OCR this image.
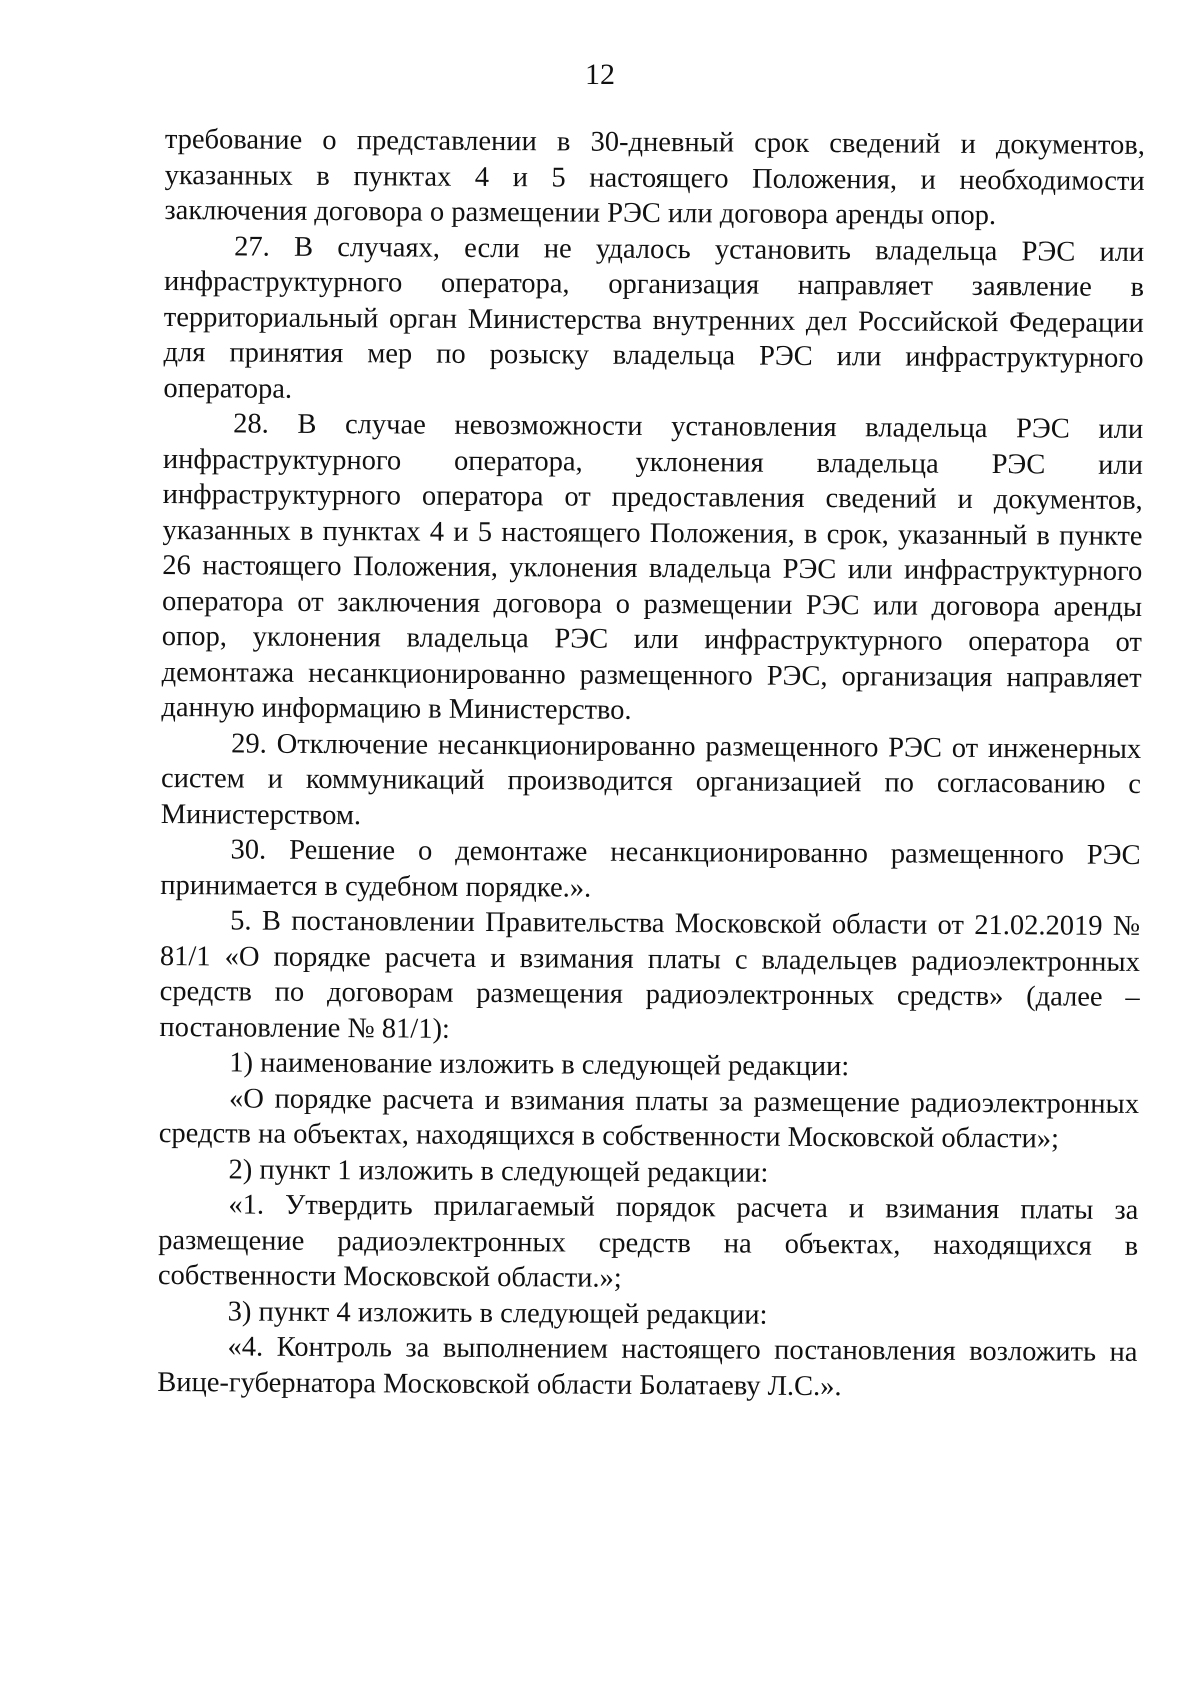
12

требование о представлении в 30-дневный срок сведений и документов, указанных в пунктах 4 и 5 настоящего Положения, и необходимости заключения договора о размещении РЭС или договора аренды опор.

27. В случаях, если не удалось установить владельца РЭС или инфраструктурного оператора, организация направляет заявление в территориальный орган Министерства внутренних дел Российской Федерации для принятия мер по розыску владельца РЭС или инфраструктурного оператора.

28. В случае невозможности установления владельца РЭС или инфраструктурного оператора, уклонения владельца РЭС или инфраструктурного оператора от предоставления сведений и документов, указанных в пунктах 4 и 5 настоящего Положения, в срок, указанный в пункте 26 настоящего Положения, уклонения владельца РЭС или инфраструктурного оператора от заключения договора о размещении РЭС или договора аренды опор, уклонения владельца РЭС или инфраструктурного оператора от демонтажа несанкционированно размещенного РЭС, организация направляет данную информацию в Министерство.

29. Отключение несанкционированно размещенного РЭС от инженерных систем и коммуникаций производится организацией по согласованию с Министерством.

30. Решение о демонтаже несанкционированно размещенного РЭС принимается в судебном порядке.».

5. В постановлении Правительства Московской области от 21.02.2019 № 81/1 «О порядке расчета и взимания платы с владельцев радиоэлектронных средств по договорам размещения радиоэлектронных средств» (далее – постановление № 81/1):

1) наименование изложить в следующей редакции:

«О порядке расчета и взимания платы за размещение радиоэлектронных средств на объектах, находящихся в собственности Московской области»;

2) пункт 1 изложить в следующей редакции:

«1. Утвердить прилагаемый порядок расчета и взимания платы за размещение радиоэлектронных средств на объектах, находящихся в собственности Московской области.»;

3) пункт 4 изложить в следующей редакции:

«4. Контроль за выполнением настоящего постановления возложить на Вице-губернатора Московской области Болатаеву Л.С.».
